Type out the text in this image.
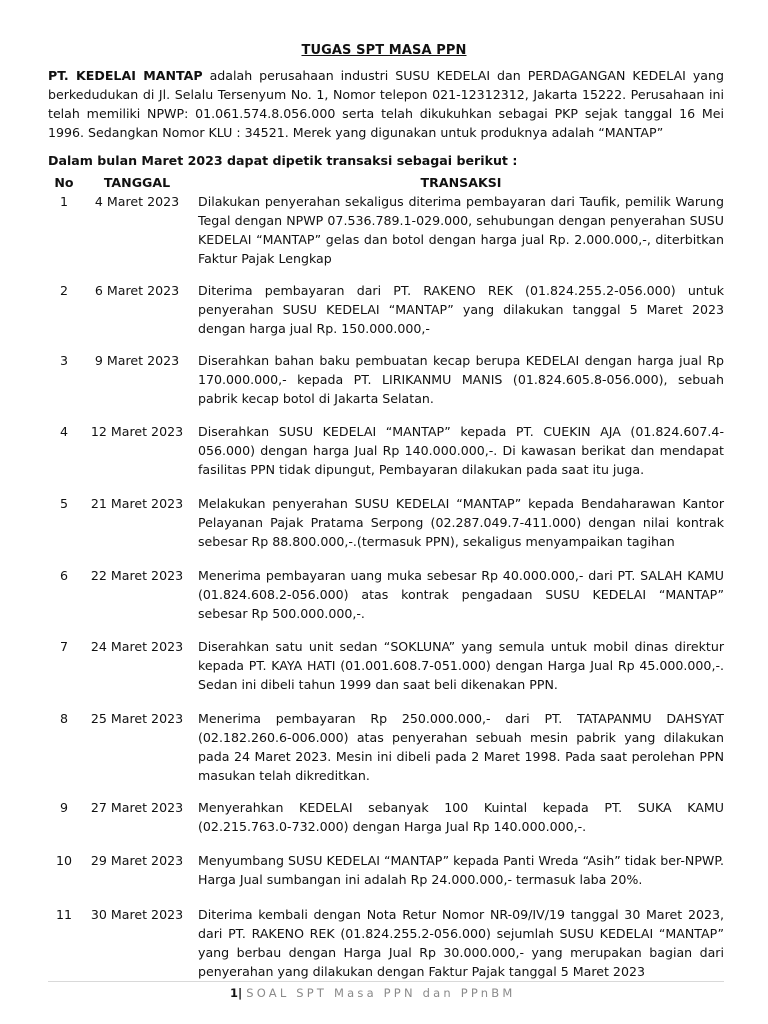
TUGAS SPT MASA PPN
PT. KEDELAI MANTAP adalah perusahaan industri SUSU KEDELAI dan PERDAGANGAN KEDELAI yang berkedudukan di Jl. Selalu Tersenyum No. 1, Nomor telepon 021-12312312, Jakarta 15222. Perusahaan ini telah memiliki NPWP: 01.061.574.8.056.000 serta telah dikukuhkan sebagai PKP sejak tanggal 16 Mei 1996. Sedangkan Nomor KLU : 34521. Merek yang digunakan untuk produknya adalah “MANTAP”
Dalam bulan Maret 2023 dapat dipetik transaksi sebagai berikut :
No	TANGGAL	TRANSAKSI
1	4 Maret 2023	Dilakukan penyerahan sekaligus diterima pembayaran dari Taufik, pemilik Warung Tegal dengan NPWP 07.536.789.1-029.000, sehubungan dengan penyerahan SUSU KEDELAI “MANTAP” gelas dan botol dengan harga jual Rp. 2.000.000,-, diterbitkan Faktur Pajak Lengkap
2	6 Maret 2023	Diterima pembayaran dari PT. RAKENO REK (01.824.255.2-056.000) untuk penyerahan SUSU KEDELAI “MANTAP” yang dilakukan tanggal 5 Maret 2023 dengan harga jual Rp. 150.000.000,-
3	9 Maret 2023	Diserahkan bahan baku pembuatan kecap berupa KEDELAI dengan harga jual Rp 170.000.000,- kepada PT. LIRIKANMU MANIS (01.824.605.8-056.000), sebuah pabrik kecap botol di Jakarta Selatan.
4	12 Maret 2023	Diserahkan SUSU KEDELAI “MANTAP” kepada PT. CUEKIN AJA (01.824.607.4-056.000) dengan harga Jual Rp 140.000.000,-. Di kawasan berikat dan mendapat fasilitas PPN tidak dipungut, Pembayaran dilakukan pada saat itu juga.
5	21 Maret 2023	Melakukan penyerahan SUSU KEDELAI “MANTAP” kepada Bendaharawan Kantor Pelayanan Pajak Pratama Serpong (02.287.049.7-411.000) dengan nilai kontrak sebesar Rp 88.800.000,-.(termasuk PPN), sekaligus menyampaikan tagihan
6	22 Maret 2023	Menerima pembayaran uang muka sebesar Rp 40.000.000,- dari PT. SALAH KAMU (01.824.608.2-056.000) atas kontrak pengadaan SUSU KEDELAI “MANTAP” sebesar Rp 500.000.000,-.
7	24 Maret 2023	Diserahkan satu unit sedan “SOKLUNA” yang semula untuk mobil dinas direktur kepada PT. KAYA HATI (01.001.608.7-051.000) dengan Harga Jual Rp 45.000.000,-. Sedan ini dibeli tahun 1999 dan saat beli dikenakan PPN.
8	25 Maret 2023	Menerima pembayaran Rp 250.000.000,- dari PT. TATAPANMU DAHSYAT (02.182.260.6-006.000) atas penyerahan sebuah mesin pabrik yang dilakukan pada 24 Maret 2023. Mesin ini dibeli pada 2 Maret 1998. Pada saat perolehan PPN masukan telah dikreditkan.
9	27 Maret 2023	Menyerahkan KEDELAI sebanyak 100 Kuintal kepada PT. SUKA KAMU (02.215.763.0-732.000) dengan Harga Jual Rp 140.000.000,-.
10	29 Maret 2023	Menyumbang SUSU KEDELAI “MANTAP” kepada Panti Wreda “Asih” tidak ber-NPWP. Harga Jual sumbangan ini adalah Rp 24.000.000,- termasuk laba 20%.
11	30 Maret 2023	Diterima kembali dengan Nota Retur Nomor NR-09/IV/19 tanggal 30 Maret 2023, dari PT. RAKENO REK (01.824.255.2-056.000) sejumlah SUSU KEDELAI “MANTAP” yang berbau dengan Harga Jual Rp 30.000.000,- yang merupakan bagian dari penyerahan yang dilakukan dengan Faktur Pajak tanggal 5 Maret 2023
1| SOAL SPT Masa PPN dan PPnBM
